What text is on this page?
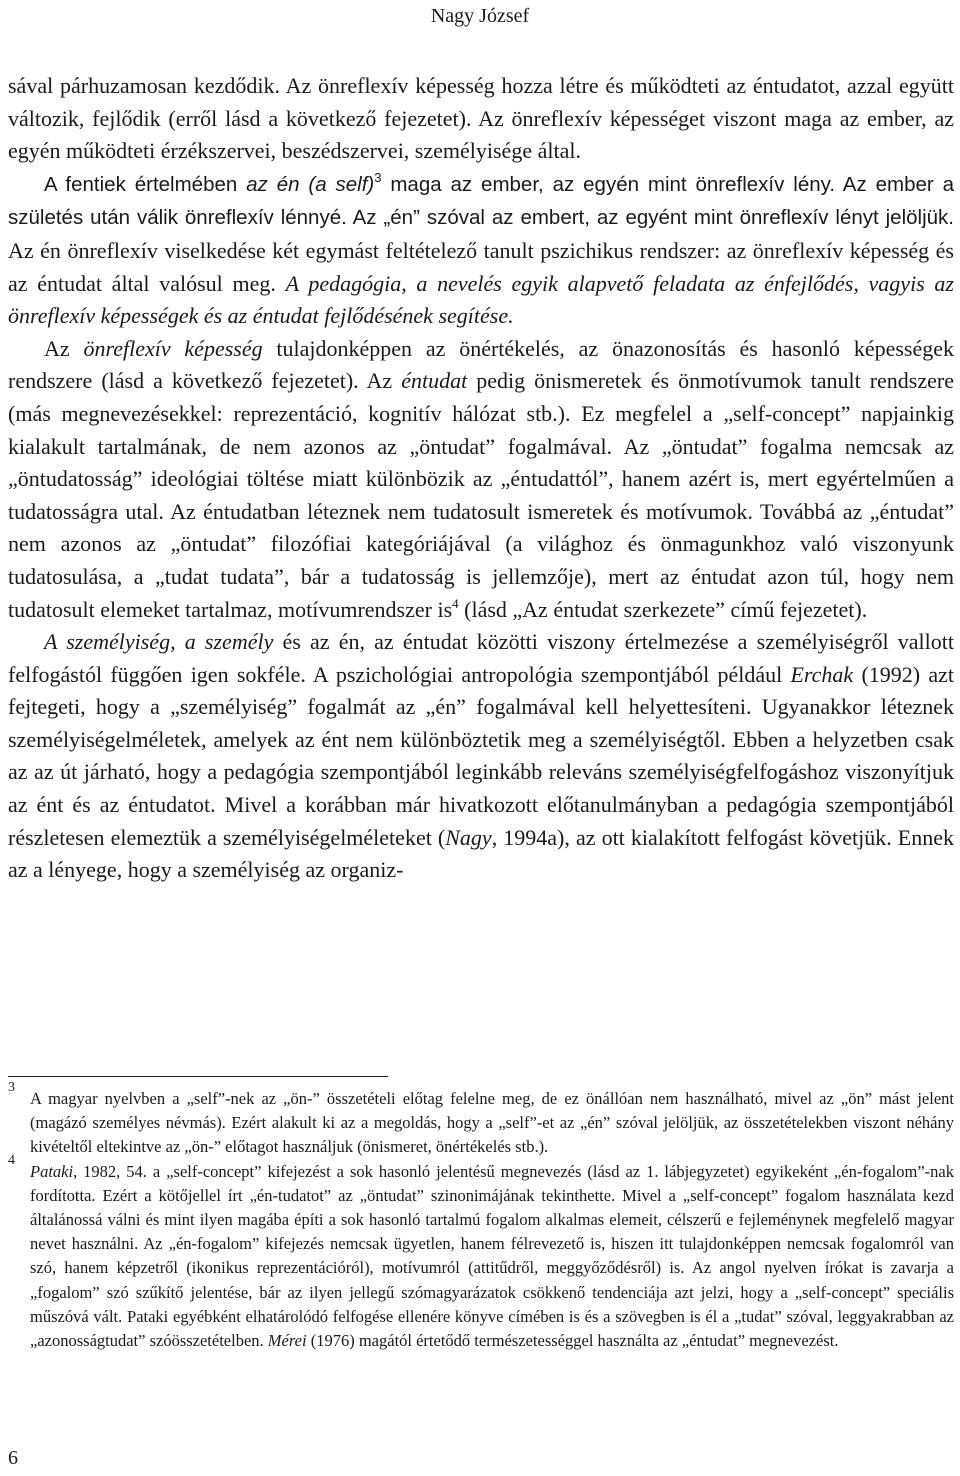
Nagy József

sával párhuzamosan kezdődik. Az önreflexív képesség hozza létre és működteti az éntudatot, azzal együtt változik, fejlődik (erről lásd a következő fejezetet). Az önreflexív képességet viszont maga az ember, az egyén működteti érzékszervei, beszédszervei, személyisége által.

A fentiek értelmében az én (a self)$^3$ maga az ember, az egyén mint önreflexív lény. Az ember a születés után válik önreflexív lénnyé. Az „én” szóval az embert, az egyént mint önreflexív lényt jelöljük. Az én önreflexív viselkedése két egymást feltételező tanult pszichikus rendszer: az önreflexív képesség és az éntudat által valósul meg. A pedagógia, a nevelés egyik alapvető feladata az énfejlődés, vagyis az önreflexív képességek és az éntudat fejlődésének segítése.

Az önreflexív képesség tulajdonképpen az önértékelés, az önazonosítás és hasonló képességek rendszere (lásd a következő fejezetet). Az éntudat pedig önismeretek és önmotívumok tanult rendszere (más megnevezésekkel: reprezentáció, kognitív hálózat stb.). Ez megfelel a „self-concept” napjainkig kialakult tartalmának, de nem azonos az „öntudat” fogalmával. Az „öntudat” fogalma nemcsak az „öntudatosság” ideológiai töltése miatt különbözik az „éntudattól”, hanem azért is, mert egyértelműen a tudatosságra utal. Az éntudatban léteznek nem tudatosult ismeretek és motívumok. Továbbá az „éntudat” nem azonos az „öntudat” filozófiai kategóriájával (a világhoz és önmagunkhoz való viszonyunk tudatosulása, a „tudat tudata”, bár a tudatosság is jellemzője), mert az éntudat azon túl, hogy nem tudatosult elemeket tartalmaz, motívumrendszer $is^4$ (lásd „Az éntudat szerkezete” című fejezetet).

A személyiség, a személy és az én, az éntudat közötti viszony értelmezése a személyiségről vallott felfogástól függően igen sokféle. A pszichológiai antropológia szempontjából például Erchak (1992) azt fejtegeti, hogy a „személyiség” fogalmát az „én” fogalmával kell helyettesíteni. Ugyanakkor léteznek személyiségelméletek, amelyek az ént nem különböztetik meg a személyiségtől. Ebben a helyzetben csak az az út járható, hogy a pedagógia szempontjából leginkább releváns személyiségfelfogáshoz viszonyítjuk az ént és az éntudatot. Mivel a korábban már hivatkozott előtanulmányban a pedagógia szempontjából részletesen elemeztük a személyiségelméleteket (Nagy, 1994a), az ott kialakított felfogást követjük. Ennek az a lényege, hogy a személyiség az organiz-

3
A magyar nyelvben a „self”-nek az „ön-” összetételi előtag felelne meg, de ez önállóan nem használható, mivel az „ön” mást jelent (magázó személyes névmás). Ezért alakult ki az a megoldás, hogy a „self”-et az „én” szóval jelöljük, az összetételekben viszont néhány kivételtől eltekintve az „ön-” előtagot használjuk (önismeret, önértékelés stb.).

4
Pataki, 1982, 54. a „self-concept” kifejezést a sok hasonló jelentésű megnevezés (lásd az 1. lábjegyzetet) egyikeként „én-fogalom”-nak fordította. Ezért a kötőjellel írt „én-tudatot” az „öntudat” szinonimájának tekinthette. Mivel a „self-concept” fogalom használata kezd általánossá válni és mint ilyen magába építi a sok hasonló tartalmú fogalom alkalmas elemeit, célszerű e fejleménynek megfelelő magyar nevet használni. Az „én-fogalom” kifejezés nemcsak ügyetlen, hanem félrevezető is, hiszen itt tulajdonképpen nemcsak fogalomról van szó, hanem képzetről (ikonikus reprezentációról), motívumról (attitűdről, meggyőződésről) is. Az angol nyelven írókat is zavarja a „fogalom” szó szűkítő jelentése, bár az ilyen jellegű szómagyarázatok csökkenő tendenciája azt jelzi, hogy a „self-concept” speciális műszóvá vált. Pataki egyébként elhatárolódó felfogése ellenére könyve címében is és a szövegben is él a „tudat” szóval, leggyakrabban az „azonosságtudat” szóösszetételben. Mérei (1976) magától értetődő természetességgel használta az „éntudat” megnevezést.

6
